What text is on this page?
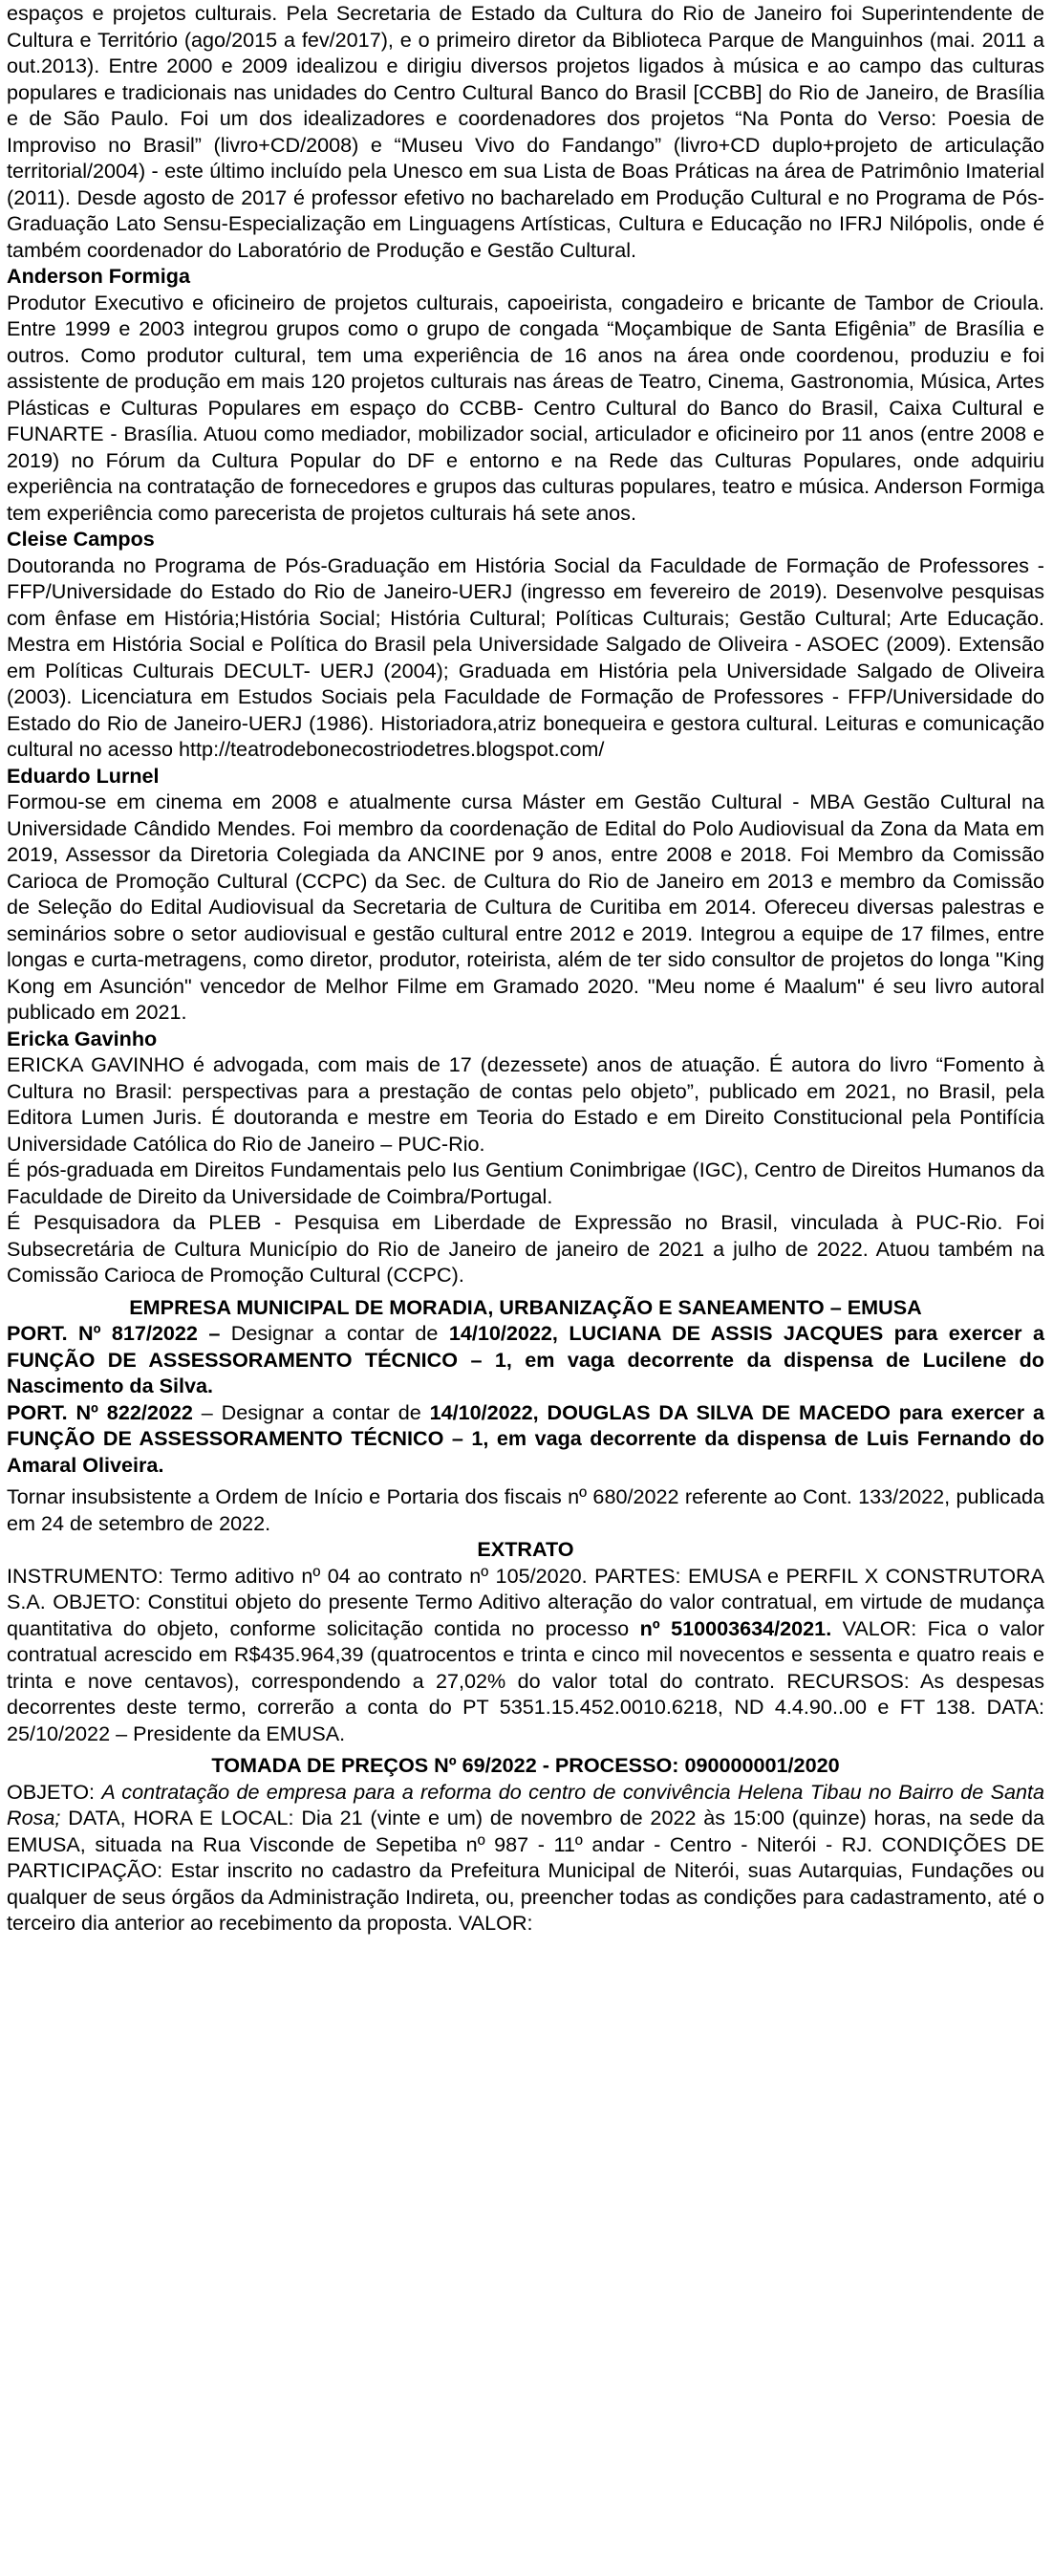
espaços e projetos culturais. Pela Secretaria de Estado da Cultura do Rio de Janeiro foi Superintendente de Cultura e Território (ago/2015 a fev/2017), e o primeiro diretor da Biblioteca Parque de Manguinhos (mai. 2011 a out.2013). Entre 2000 e 2009 idealizou e dirigiu diversos projetos ligados à música e ao campo das culturas populares e tradicionais nas unidades do Centro Cultural Banco do Brasil [CCBB] do Rio de Janeiro, de Brasília e de São Paulo. Foi um dos idealizadores e coordenadores dos projetos “Na Ponta do Verso: Poesia de Improviso no Brasil” (livro+CD/2008) e “Museu Vivo do Fandango” (livro+CD duplo+projeto de articulação territorial/2004) - este último incluído pela Unesco em sua Lista de Boas Práticas na área de Patrimônio Imaterial (2011). Desde agosto de 2017 é professor efetivo no bacharelado em Produção Cultural e no Programa de Pós-Graduação Lato Sensu-Especialização em Linguagens Artísticas, Cultura e Educação no IFRJ Nilópolis, onde é também coordenador do Laboratório de Produção e Gestão Cultural.

Anderson Formiga

Produtor Executivo e oficineiro de projetos culturais, capoeirista, congadeiro e bricante de Tambor de Crioula. Entre 1999 e 2003 integrou grupos como o grupo de congada “Moçambique de Santa Efigênia” de Brasília e outros. Como produtor cultural, tem uma experiência de 16 anos na área onde coordenou, produziu e foi assistente de produção em mais 120 projetos culturais nas áreas de Teatro, Cinema, Gastronomia, Música, Artes Plásticas e Culturas Populares em espaço do CCBB- Centro Cultural do Banco do Brasil, Caixa Cultural e FUNARTE - Brasília. Atuou como mediador, mobilizador social, articulador e oficineiro por 11 anos (entre 2008 e 2019) no Fórum da Cultura Popular do DF e entorno e na Rede das Culturas Populares, onde adquiriu experiência na contratação de fornecedores e grupos das culturas populares, teatro e música. Anderson Formiga tem experiência como parecerista de projetos culturais há sete anos.

Cleise Campos

Doutoranda no Programa de Pós-Graduação em História Social da Faculdade de Formação de Professores - FFP/Universidade do Estado do Rio de Janeiro-UERJ (ingresso em fevereiro de 2019). Desenvolve pesquisas com ênfase em História;História Social; História Cultural; Políticas Culturais; Gestão Cultural; Arte Educação. Mestra em História Social e Política do Brasil pela Universidade Salgado de Oliveira - ASOEC (2009). Extensão em Políticas Culturais DECULT- UERJ (2004); Graduada em História pela Universidade Salgado de Oliveira (2003). Licenciatura em Estudos Sociais pela Faculdade de Formação de Professores - FFP/Universidade do Estado do Rio de Janeiro-UERJ (1986). Historiadora,atriz bonequeira e gestora cultural. Leituras e comunicação cultural no acesso http://teatrodebonecostriodetres.blogspot.com/

Eduardo Lurnel

Formou-se em cinema em 2008 e atualmente cursa Máster em Gestão Cultural - MBA Gestão Cultural na Universidade Cândido Mendes. Foi membro da coordenação de Edital do Polo Audiovisual da Zona da Mata em 2019, Assessor da Diretoria Colegiada da ANCINE por 9 anos, entre 2008 e 2018. Foi Membro da Comissão Carioca de Promoção Cultural (CCPC) da Sec. de Cultura do Rio de Janeiro em 2013 e membro da Comissão de Seleção do Edital Audiovisual da Secretaria de Cultura de Curitiba em 2014. Ofereceu diversas palestras e seminários sobre o setor audiovisual e gestão cultural entre 2012 e 2019. Integrou a equipe de 17 filmes, entre longas e curta-metragens, como diretor, produtor, roteirista, além de ter sido consultor de projetos do longa "King Kong em Asunción" vencedor de Melhor Filme em Gramado 2020. "Meu nome é Maalum" é seu livro autoral publicado em 2021.

Ericka Gavinho

ERICKA GAVINHO é advogada, com mais de 17 (dezessete) anos de atuação. É autora do livro “Fomento à Cultura no Brasil: perspectivas para a prestação de contas pelo objeto”, publicado em 2021, no Brasil, pela Editora Lumen Juris. É doutoranda e mestre em Teoria do Estado e em Direito Constitucional pela Pontifícia Universidade Católica do Rio de Janeiro – PUC-Rio.

É pós-graduada em Direitos Fundamentais pelo Ius Gentium Conimbrigae (IGC), Centro de Direitos Humanos da Faculdade de Direito da Universidade de Coimbra/Portugal.

É Pesquisadora da PLEB - Pesquisa em Liberdade de Expressão no Brasil, vinculada à PUC-Rio. Foi Subsecretária de Cultura Município do Rio de Janeiro de janeiro de 2021 a julho de 2022. Atuou também na Comissão Carioca de Promoção Cultural (CCPC).

EMPRESA MUNICIPAL DE MORADIA, URBANIZAÇÃO E SANEAMENTO – EMUSA

PORT. Nº 817/2022 – Designar a contar de 14/10/2022, LUCIANA DE ASSIS JACQUES para exercer a FUNÇÃO DE ASSESSORAMENTO TÉCNICO – 1, em vaga decorrente da dispensa de Lucilene do Nascimento da Silva.

PORT. Nº 822/2022 – Designar a contar de 14/10/2022, DOUGLAS DA SILVA DE MACEDO para exercer a FUNÇÃO DE ASSESSORAMENTO TÉCNICO – 1, em vaga decorrente da dispensa de Luis Fernando do Amaral Oliveira.

Tornar insubsistente a Ordem de Início e Portaria dos fiscais nº 680/2022 referente ao Cont. 133/2022, publicada em 24 de setembro de 2022.

EXTRATO

INSTRUMENTO: Termo aditivo nº 04 ao contrato nº 105/2020. PARTES: EMUSA e PERFIL X CONSTRUTORA S.A. OBJETO: Constitui objeto do presente Termo Aditivo alteração do valor contratual, em virtude de mudança quantitativa do objeto, conforme solicitação contida no processo nº 510003634/2021. VALOR: Fica o valor contratual acrescido em R$435.964,39 (quatrocentos e trinta e cinco mil novecentos e sessenta e quatro reais e trinta e nove centavos), correspondendo a 27,02% do valor total do contrato. RECURSOS: As despesas decorrentes deste termo, correrão a conta do PT 5351.15.452.0010.6218, ND 4.4.90..00 e FT 138. DATA: 25/10/2022 – Presidente da EMUSA.

TOMADA DE PREÇOS Nº 69/2022 - PROCESSO: 090000001/2020

OBJETO: A contratação de empresa para a reforma do centro de convivência Helena Tibau no Bairro de Santa Rosa; DATA, HORA E LOCAL: Dia 21 (vinte e um) de novembro de 2022 às 15:00 (quinze) horas, na sede da EMUSA, situada na Rua Visconde de Sepetiba nº 987 - 11º andar - Centro - Niterói - RJ. CONDIÇÕES DE PARTICIPAÇÃO: Estar inscrito no cadastro da Prefeitura Municipal de Niterói, suas Autarquias, Fundações ou qualquer de seus órgãos da Administração Indireta, ou, preencher todas as condições para cadastramento, até o terceiro dia anterior ao recebimento da proposta. VALOR:
